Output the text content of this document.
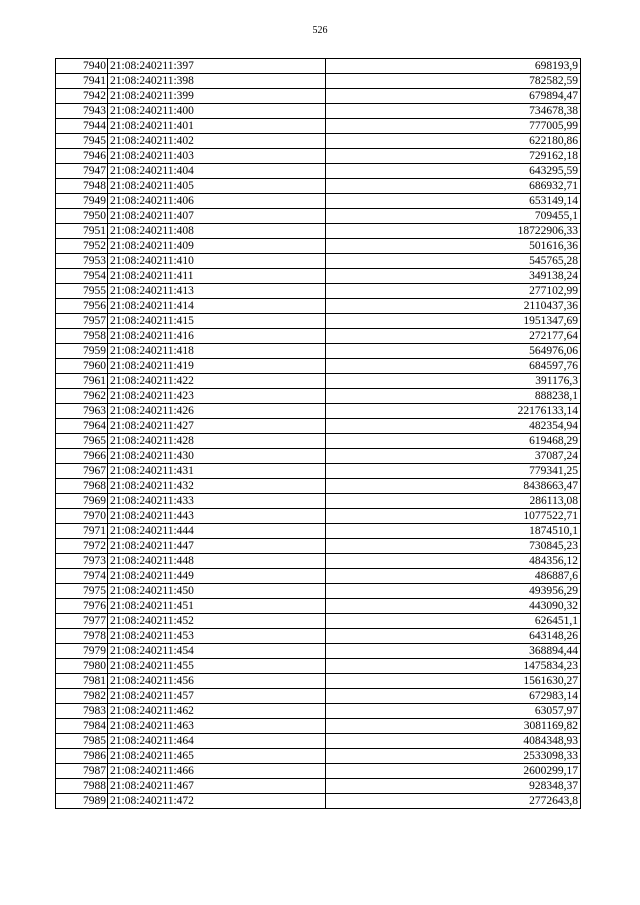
526
7940	21:08:240211:397	698193,9
7941	21:08:240211:398	782582,59
7942	21:08:240211:399	679894,47
7943	21:08:240211:400	734678,38
7944	21:08:240211:401	777005,99
7945	21:08:240211:402	622180,86
7946	21:08:240211:403	729162,18
7947	21:08:240211:404	643295,59
7948	21:08:240211:405	686932,71
7949	21:08:240211:406	653149,14
7950	21:08:240211:407	709455,1
7951	21:08:240211:408	18722906,33
7952	21:08:240211:409	501616,36
7953	21:08:240211:410	545765,28
7954	21:08:240211:411	349138,24
7955	21:08:240211:413	277102,99
7956	21:08:240211:414	2110437,36
7957	21:08:240211:415	1951347,69
7958	21:08:240211:416	272177,64
7959	21:08:240211:418	564976,06
7960	21:08:240211:419	684597,76
7961	21:08:240211:422	391176,3
7962	21:08:240211:423	888238,1
7963	21:08:240211:426	22176133,14
7964	21:08:240211:427	482354,94
7965	21:08:240211:428	619468,29
7966	21:08:240211:430	37087,24
7967	21:08:240211:431	779341,25
7968	21:08:240211:432	8438663,47
7969	21:08:240211:433	286113,08
7970	21:08:240211:443	1077522,71
7971	21:08:240211:444	1874510,1
7972	21:08:240211:447	730845,23
7973	21:08:240211:448	484356,12
7974	21:08:240211:449	486887,6
7975	21:08:240211:450	493956,29
7976	21:08:240211:451	443090,32
7977	21:08:240211:452	626451,1
7978	21:08:240211:453	643148,26
7979	21:08:240211:454	368894,44
7980	21:08:240211:455	1475834,23
7981	21:08:240211:456	1561630,27
7982	21:08:240211:457	672983,14
7983	21:08:240211:462	63057,97
7984	21:08:240211:463	3081169,82
7985	21:08:240211:464	4084348,93
7986	21:08:240211:465	2533098,33
7987	21:08:240211:466	2600299,17
7988	21:08:240211:467	928348,37
7989	21:08:240211:472	2772643,8
